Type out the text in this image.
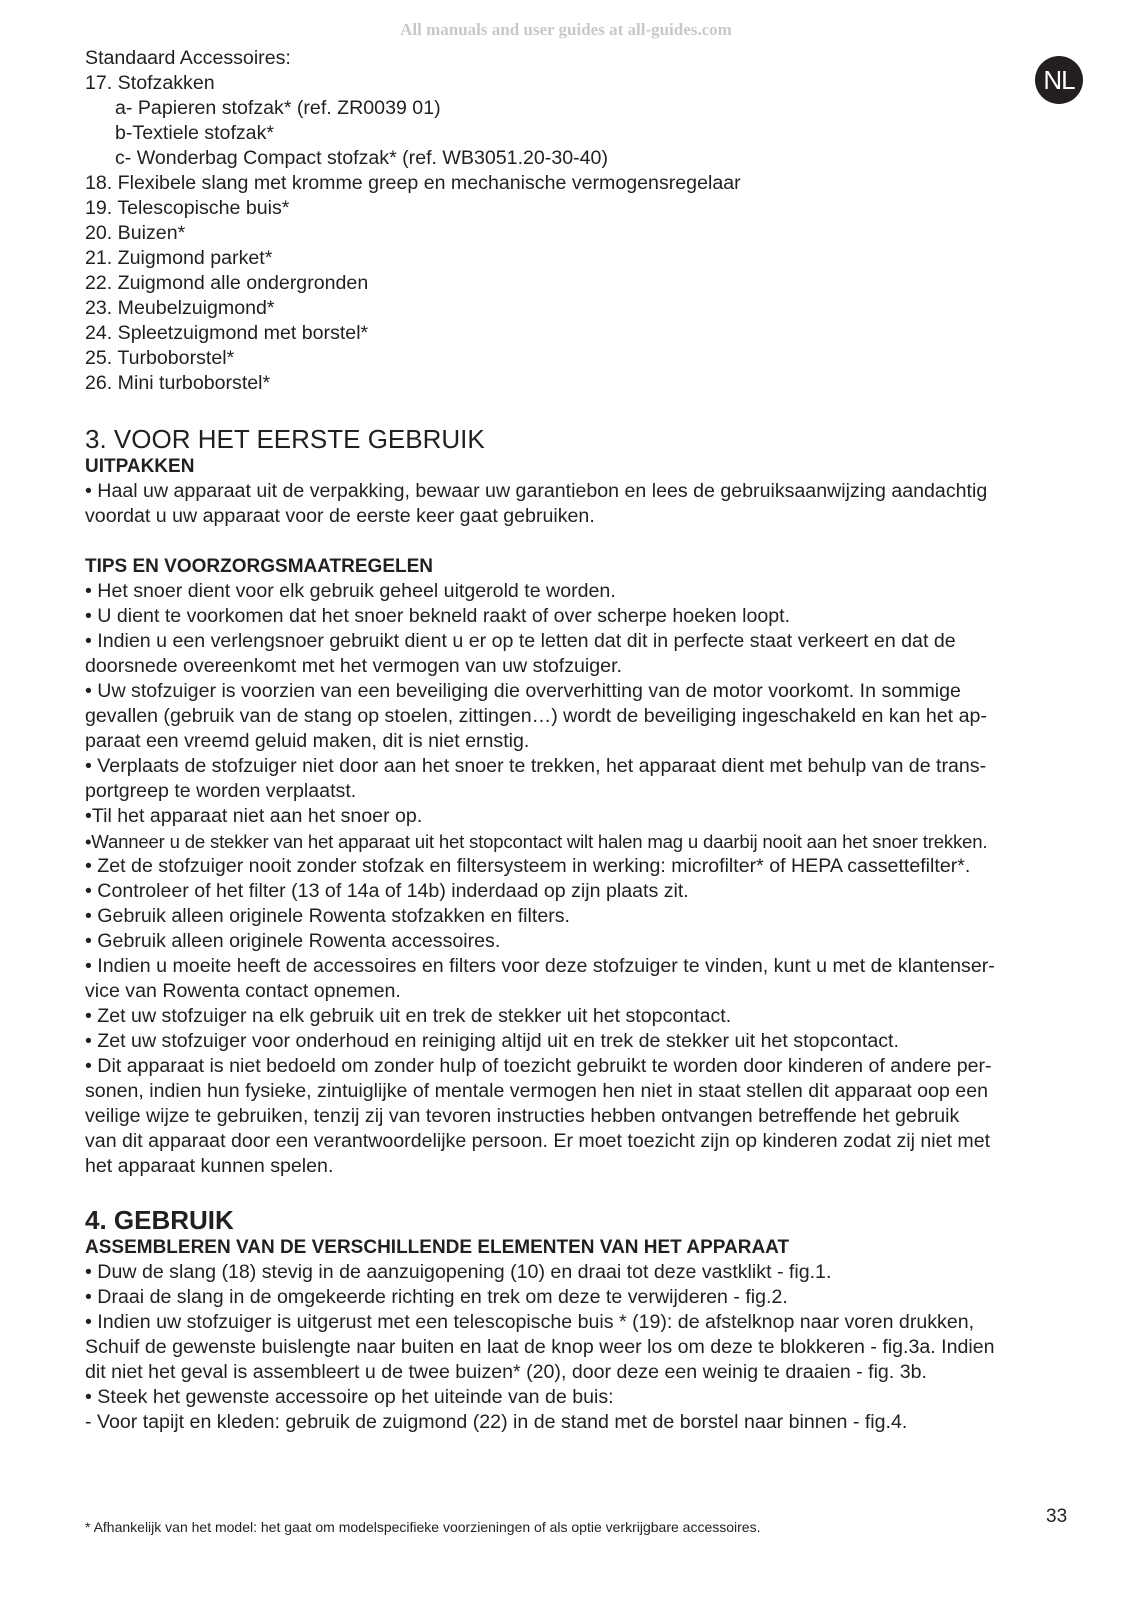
All manuals and user guides at all-guides.com
NL
Standaard Accessoires:
17. Stofzakken
a- Papieren stofzak* (ref. ZR0039 01)
b-Textiele stofzak*
c- Wonderbag Compact stofzak* (ref. WB3051.20-30-40)
18. Flexibele slang met kromme greep en mechanische vermogensregelaar
19. Telescopische buis*
20. Buizen*
21. Zuigmond parket*
22. Zuigmond alle ondergronden
23. Meubelzuigmond*
24. Spleetzuigmond met borstel*
25. Turboborstel*
26. Mini turboborstel*
3. VOOR HET EERSTE GEBRUIK
UITPAKKEN
• Haal uw apparaat uit de verpakking, bewaar uw garantiebon en lees de gebruiksaanwijzing aandachtig
voordat u uw apparaat voor de eerste keer gaat gebruiken.
TIPS EN VOORZORGSMAATREGELEN
• Het snoer dient voor elk gebruik geheel uitgerold te worden.
• U dient te voorkomen dat het snoer bekneld raakt of over scherpe hoeken loopt.
• Indien u een verlengsnoer gebruikt dient u er op te letten dat dit in perfecte staat verkeert en dat de
doorsnede overeenkomt met het vermogen van uw stofzuiger.
• Uw stofzuiger is voorzien van een beveiliging die oververhitting van de motor voorkomt. In sommige
gevallen (gebruik van de stang op stoelen, zittingen…) wordt de beveiliging ingeschakeld en kan het ap-
paraat een vreemd geluid maken, dit is niet ernstig.
• Verplaats de stofzuiger niet door aan het snoer te trekken, het apparaat dient met behulp van de trans-
portgreep te worden verplaatst.
•Til het apparaat niet aan het snoer op.
•Wanneer u de stekker van het apparaat uit het stopcontact wilt halen mag u daarbij nooit aan het snoer trekken.
• Zet de stofzuiger nooit zonder stofzak en filtersysteem in werking: microfilter* of HEPA cassettefilter*.
• Controleer of het filter (13 of 14a of 14b) inderdaad op zijn plaats zit.
• Gebruik alleen originele Rowenta stofzakken en filters.
• Gebruik alleen originele Rowenta accessoires.
• Indien u moeite heeft de accessoires en filters voor deze stofzuiger te vinden, kunt u met de klantenser-
vice van Rowenta contact opnemen.
• Zet uw stofzuiger na elk gebruik uit en trek de stekker uit het stopcontact.
• Zet uw stofzuiger voor onderhoud en reiniging altijd uit en trek de stekker uit het stopcontact.
• Dit apparaat is niet bedoeld om zonder hulp of toezicht gebruikt te worden door kinderen of andere per-
sonen, indien hun fysieke, zintuiglijke of mentale vermogen hen niet in staat stellen dit apparaat oop een
veilige wijze te gebruiken, tenzij zij van tevoren instructies hebben ontvangen betreffende het gebruik
van dit apparaat door een verantwoordelijke persoon. Er moet toezicht zijn op kinderen zodat zij niet met
het apparaat kunnen spelen.
4. GEBRUIK
ASSEMBLEREN VAN DE VERSCHILLENDE ELEMENTEN VAN HET APPARAAT
• Duw de slang (18) stevig in de aanzuigopening (10) en draai tot deze vastklikt - fig.1.
• Draai de slang in de omgekeerde richting en trek om deze te verwijderen - fig.2.
• Indien uw stofzuiger is uitgerust met een telescopische buis * (19): de afstelknop naar voren drukken,
Schuif de gewenste buislengte naar buiten en laat de knop weer los om deze te blokkeren - fig.3a. Indien
dit niet het geval is assembleert u de twee buizen* (20), door deze een weinig te draaien - fig. 3b.
• Steek het gewenste accessoire op het uiteinde van de buis:
- Voor tapijt en kleden: gebruik de zuigmond (22) in de stand met de borstel naar binnen - fig.4.
* Afhankelijk van het model: het gaat om modelspecifieke voorzieningen of als optie verkrijgbare accessoires.	33
